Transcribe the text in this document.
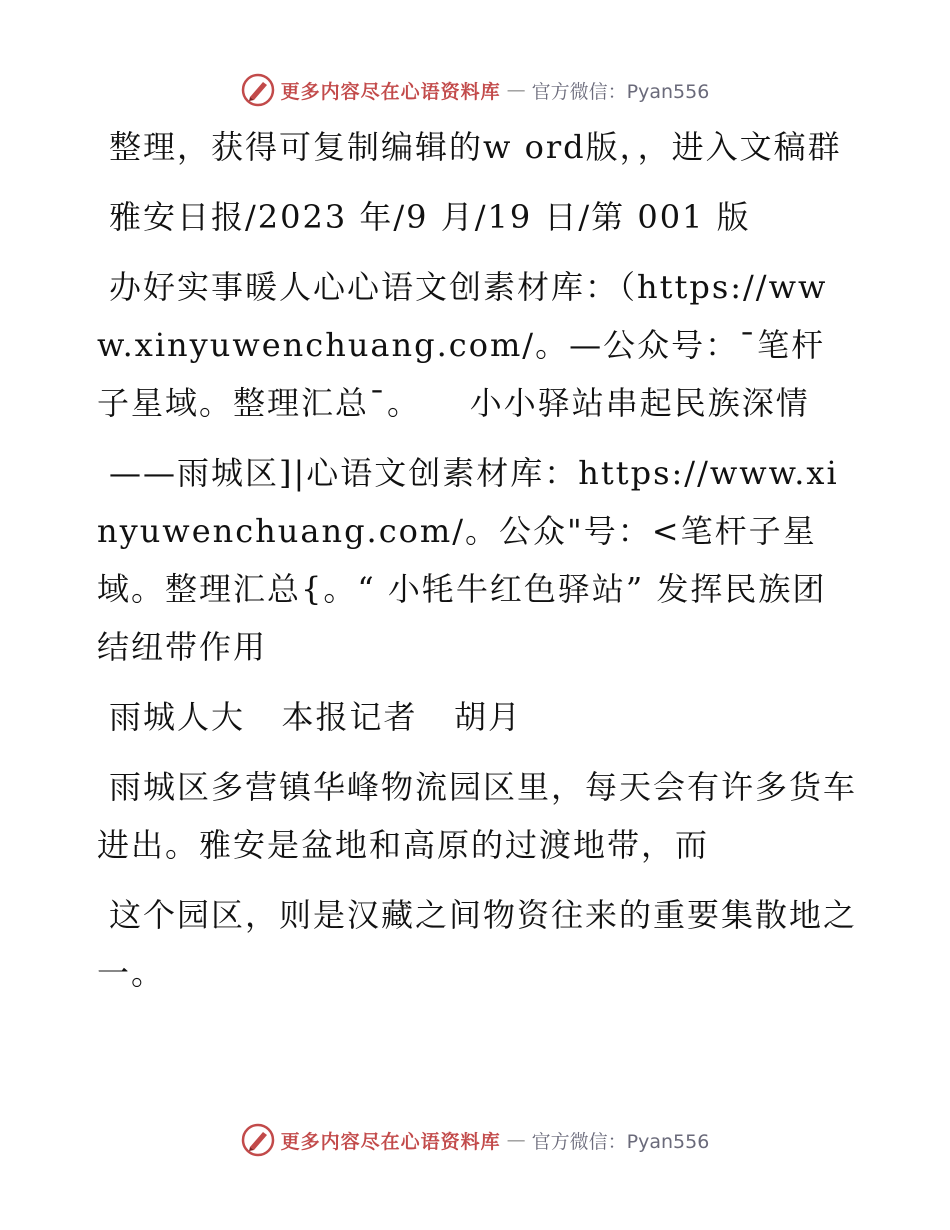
更多内容尽在心语资料库 — 官方微信：Pyan556

整理，获得可复制编辑的w ord版，，进入文稿群

雅安日报/2023 年/9 月/19 日/第 001 版

办好实事暖人心心语文创素材库：（https://www.xinyuwenchuang.com/。—公众号：¯笔杆子星域。整理汇总¯。    小小驿站串起民族深情

——雨城区]|心语文创素材库：https://www.xinyuwenchuang.com/。公众"号：<笔杆子星域。整理汇总{。“ 小牦牛红色驿站” 发挥民族团结纽带作用

雨城人大   本报记者   胡月

雨城区多营镇华峰物流园区里，每天会有许多货车进出。雅安是盆地和高原的过渡地带，而

这个园区，则是汉藏之间物资往来的重要集散地之一。

更多内容尽在心语资料库 — 官方微信：Pyan556
